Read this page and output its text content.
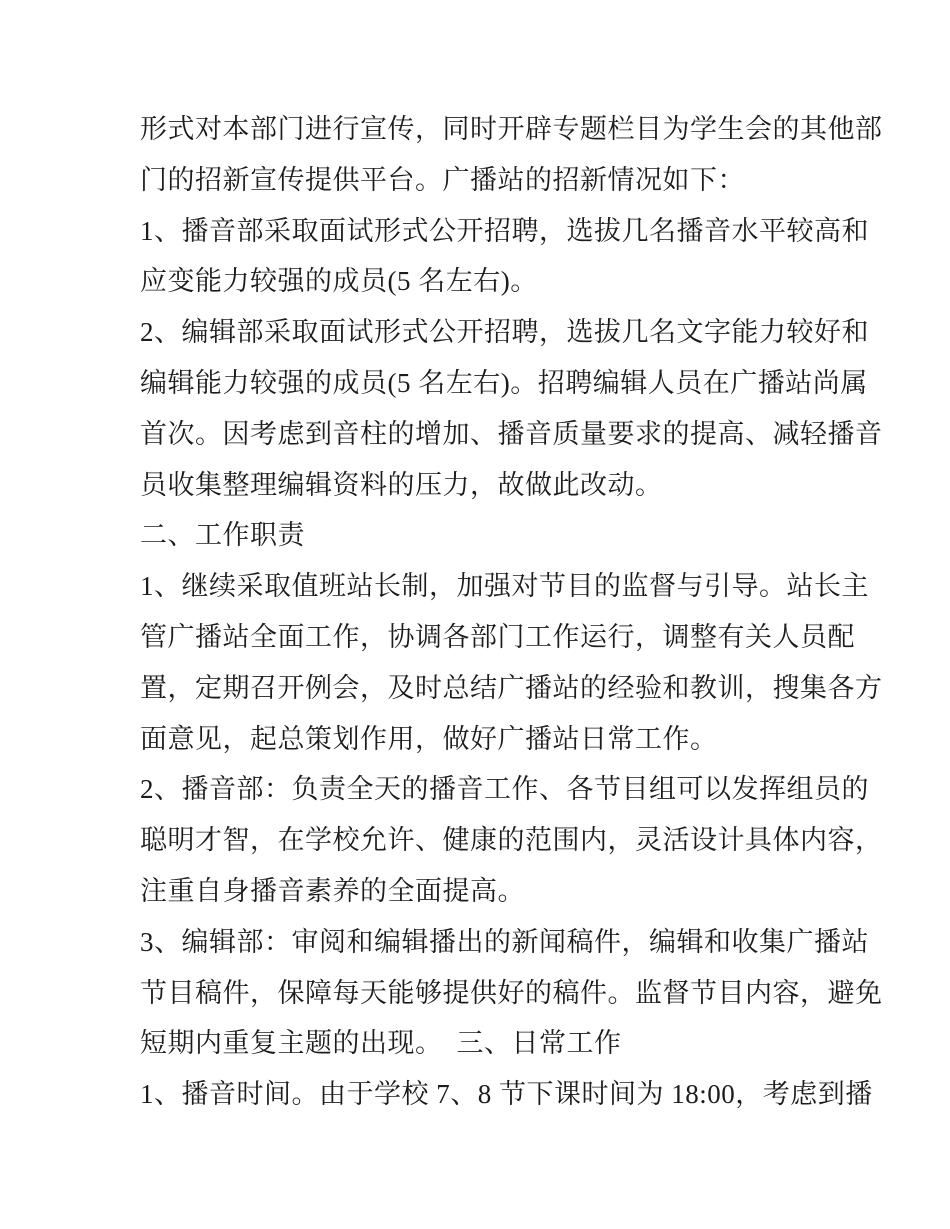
形式对本部门进行宣传，同时开辟专题栏目为学生会的其他部
门的招新宣传提供平台。广播站的招新情况如下：
1、播音部采取面试形式公开招聘，选拔几名播音水平较高和
应变能力较强的成员(5 名左右)。
2、编辑部采取面试形式公开招聘，选拔几名文字能力较好和
编辑能力较强的成员(5 名左右)。招聘编辑人员在广播站尚属
首次。因考虑到音柱的增加、播音质量要求的提高、减轻播音
员收集整理编辑资料的压力，故做此改动。
二、工作职责
1、继续采取值班站长制，加强对节目的监督与引导。站长主
管广播站全面工作，协调各部门工作运行，调整有关人员配
置，定期召开例会，及时总结广播站的经验和教训，搜集各方
面意见，起总策划作用，做好广播站日常工作。
2、播音部：负责全天的播音工作、各节目组可以发挥组员的
聪明才智，在学校允许、健康的范围内，灵活设计具体内容，
注重自身播音素养的全面提高。
3、编辑部：审阅和编辑播出的新闻稿件，编辑和收集广播站
节目稿件，保障每天能够提供好的稿件。监督节目内容，避免
短期内重复主题的出现。　三、日常工作
1、播音时间。由于学校 7、8 节下课时间为 18:00，考虑到播
